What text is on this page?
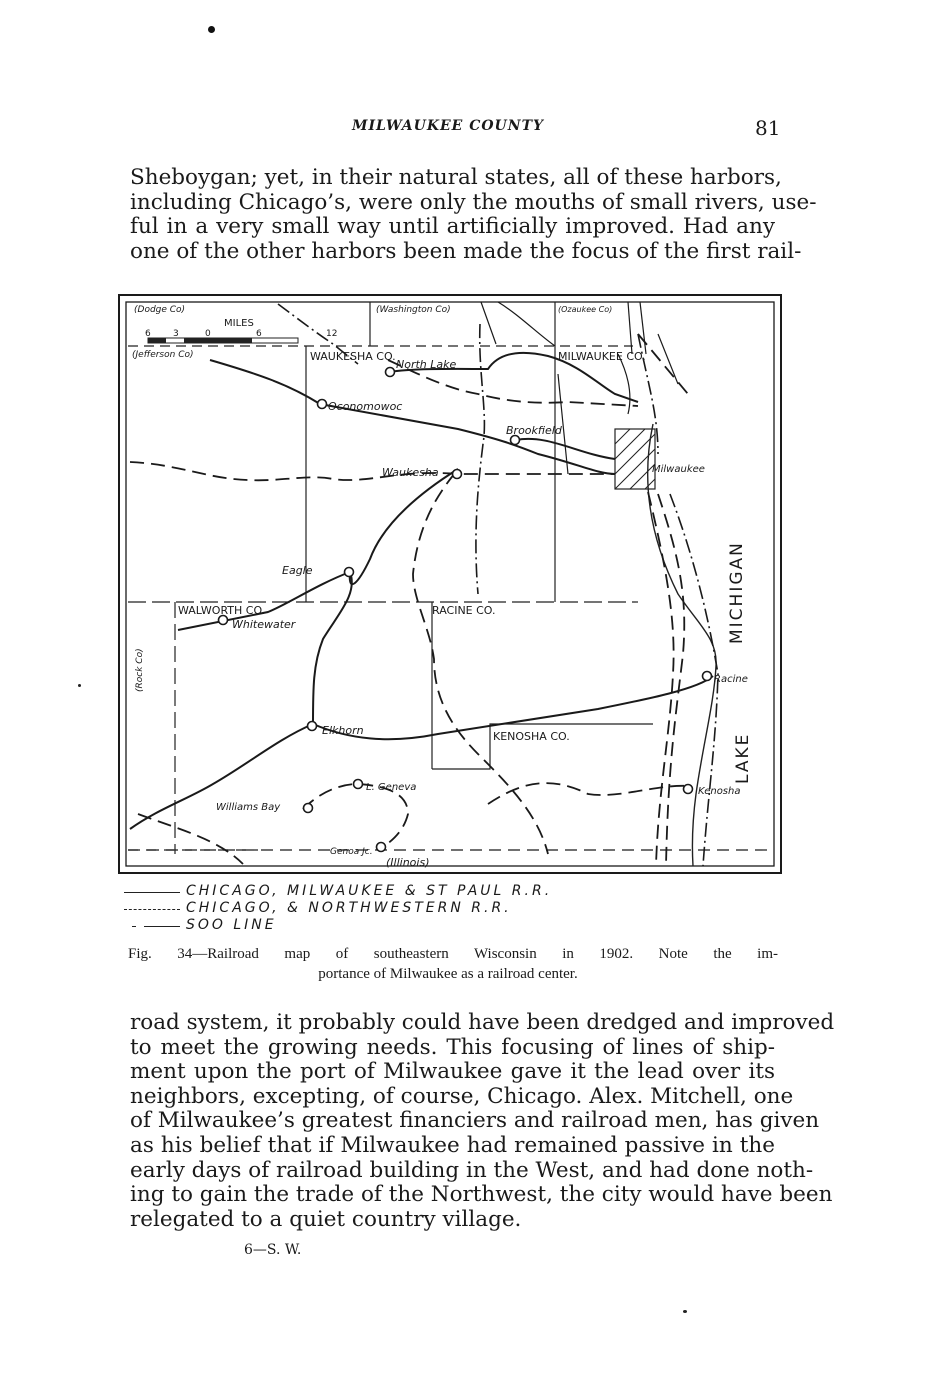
MILWAUKEE COUNTY	81
Sheboygan; yet, in their natural states, all of these harbors,
including Chicago’s, were only the mouths of small rivers, use-
ful in a very small way until artificially improved. Had any
one of the other harbors been made the focus of the first rail-
MILES
6 3	0	6	12
(Dodge Co)	(Washington Co)	(Ozaukee Co)
(Jefferson Co)	WAUKESHA CO.	MILWAUKEE CO.
WALWORTH CO.	RACINE CO.
KENOSHA CO.
(Rock Co)
(Illinois)
North Lake
Oconomowoc
Brookfield
Milwaukee
Waukesha
Eagle
Whitewater
Racine
Elkhorn
L. Geneva
Williams Bay
Kenosha
Genoa Jc.
MICHIGAN
LAKE
CHICAGO, MILWAUKEE & ST PAUL R.R.
CHICAGO, & NORTHWESTERN R.R.
SOO LINE
Fig. 34—Railroad map of southeastern Wisconsin in 1902. Note the im-
portance of Milwaukee as a railroad center.
road system, it probably could have been dredged and improved
to meet the growing needs. This focusing of lines of ship-
ment upon the port of Milwaukee gave it the lead over its
neighbors, excepting, of course, Chicago. Alex. Mitchell, one
of Milwaukee’s greatest financiers and railroad men, has given
as his belief that if Milwaukee had remained passive in the
early days of railroad building in the West, and had done noth-
ing to gain the trade of the Northwest, the city would have been
relegated to a quiet country village.
6—S. W.
